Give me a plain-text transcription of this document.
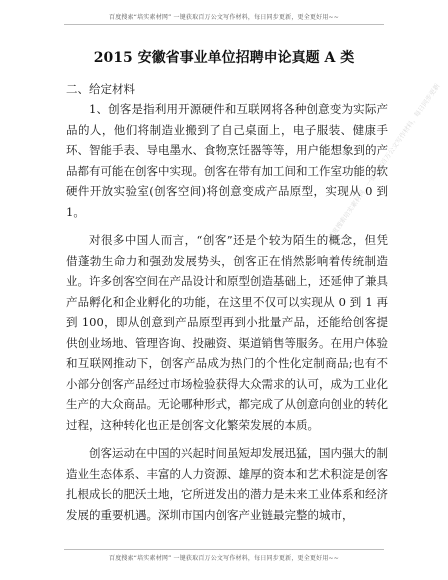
百度搜索“培实素材网” 一键获取百万公文写作材料，每日同步更新，更全更好用~~
2015 安徽省事业单位招聘申论真题 A 类
二、给定材料

1、创客是指利用开源硬件和互联网将各种创意变为实际产品的人，他们将制造业搬到了自己桌面上，电子服装、健康手环、智能手表、导电墨水、食物烹饪器等等，用户能想象到的产品都有可能在创客中实现。创客在带有加工间和工作室功能的软硬件开放实验室(创客空间)将创意变成产品原型，实现从 0 到 1。

对很多中国人而言，“创客”还是个较为陌生的概念，但凭借蓬勃生命力和强劲发展势头，创客正在悄然影响着传统制造业。许多创客空间在产品设计和原型创造基础上，还延伸了兼具产品孵化和企业孵化的功能，在这里不仅可以实现从 0 到 1 再到 100，即从创意到产品原型再到小批量产品，还能给创客提供创业场地、管理咨询、投融资、渠道销售等服务。在用户体验和互联网推动下，创客产品成为热门的个性化定制商品;也有不小部分创客产品经过市场检验获得大众需求的认可，成为工业化生产的大众商品。无论哪种形式，都完成了从创意向创业的转化过程，这种转化也正是创客文化繁荣发展的本质。

创客运动在中国的兴起时间虽短却发展迅猛，国内强大的制造业生态体系、丰富的人力资源、雄厚的资本和艺术积淀是创客扎根成长的肥沃土地，它所迸发出的潜力是未来工业体系和经济发展的重要机遇。深圳市国内创客产业链最完整的城市，

百度搜索培实素材网，一键获取百万公文写作材料，每日同步更新
百度搜索“培实素材网” 一键获取百万公文写作材料，每日同步更新，更全更好用~~
